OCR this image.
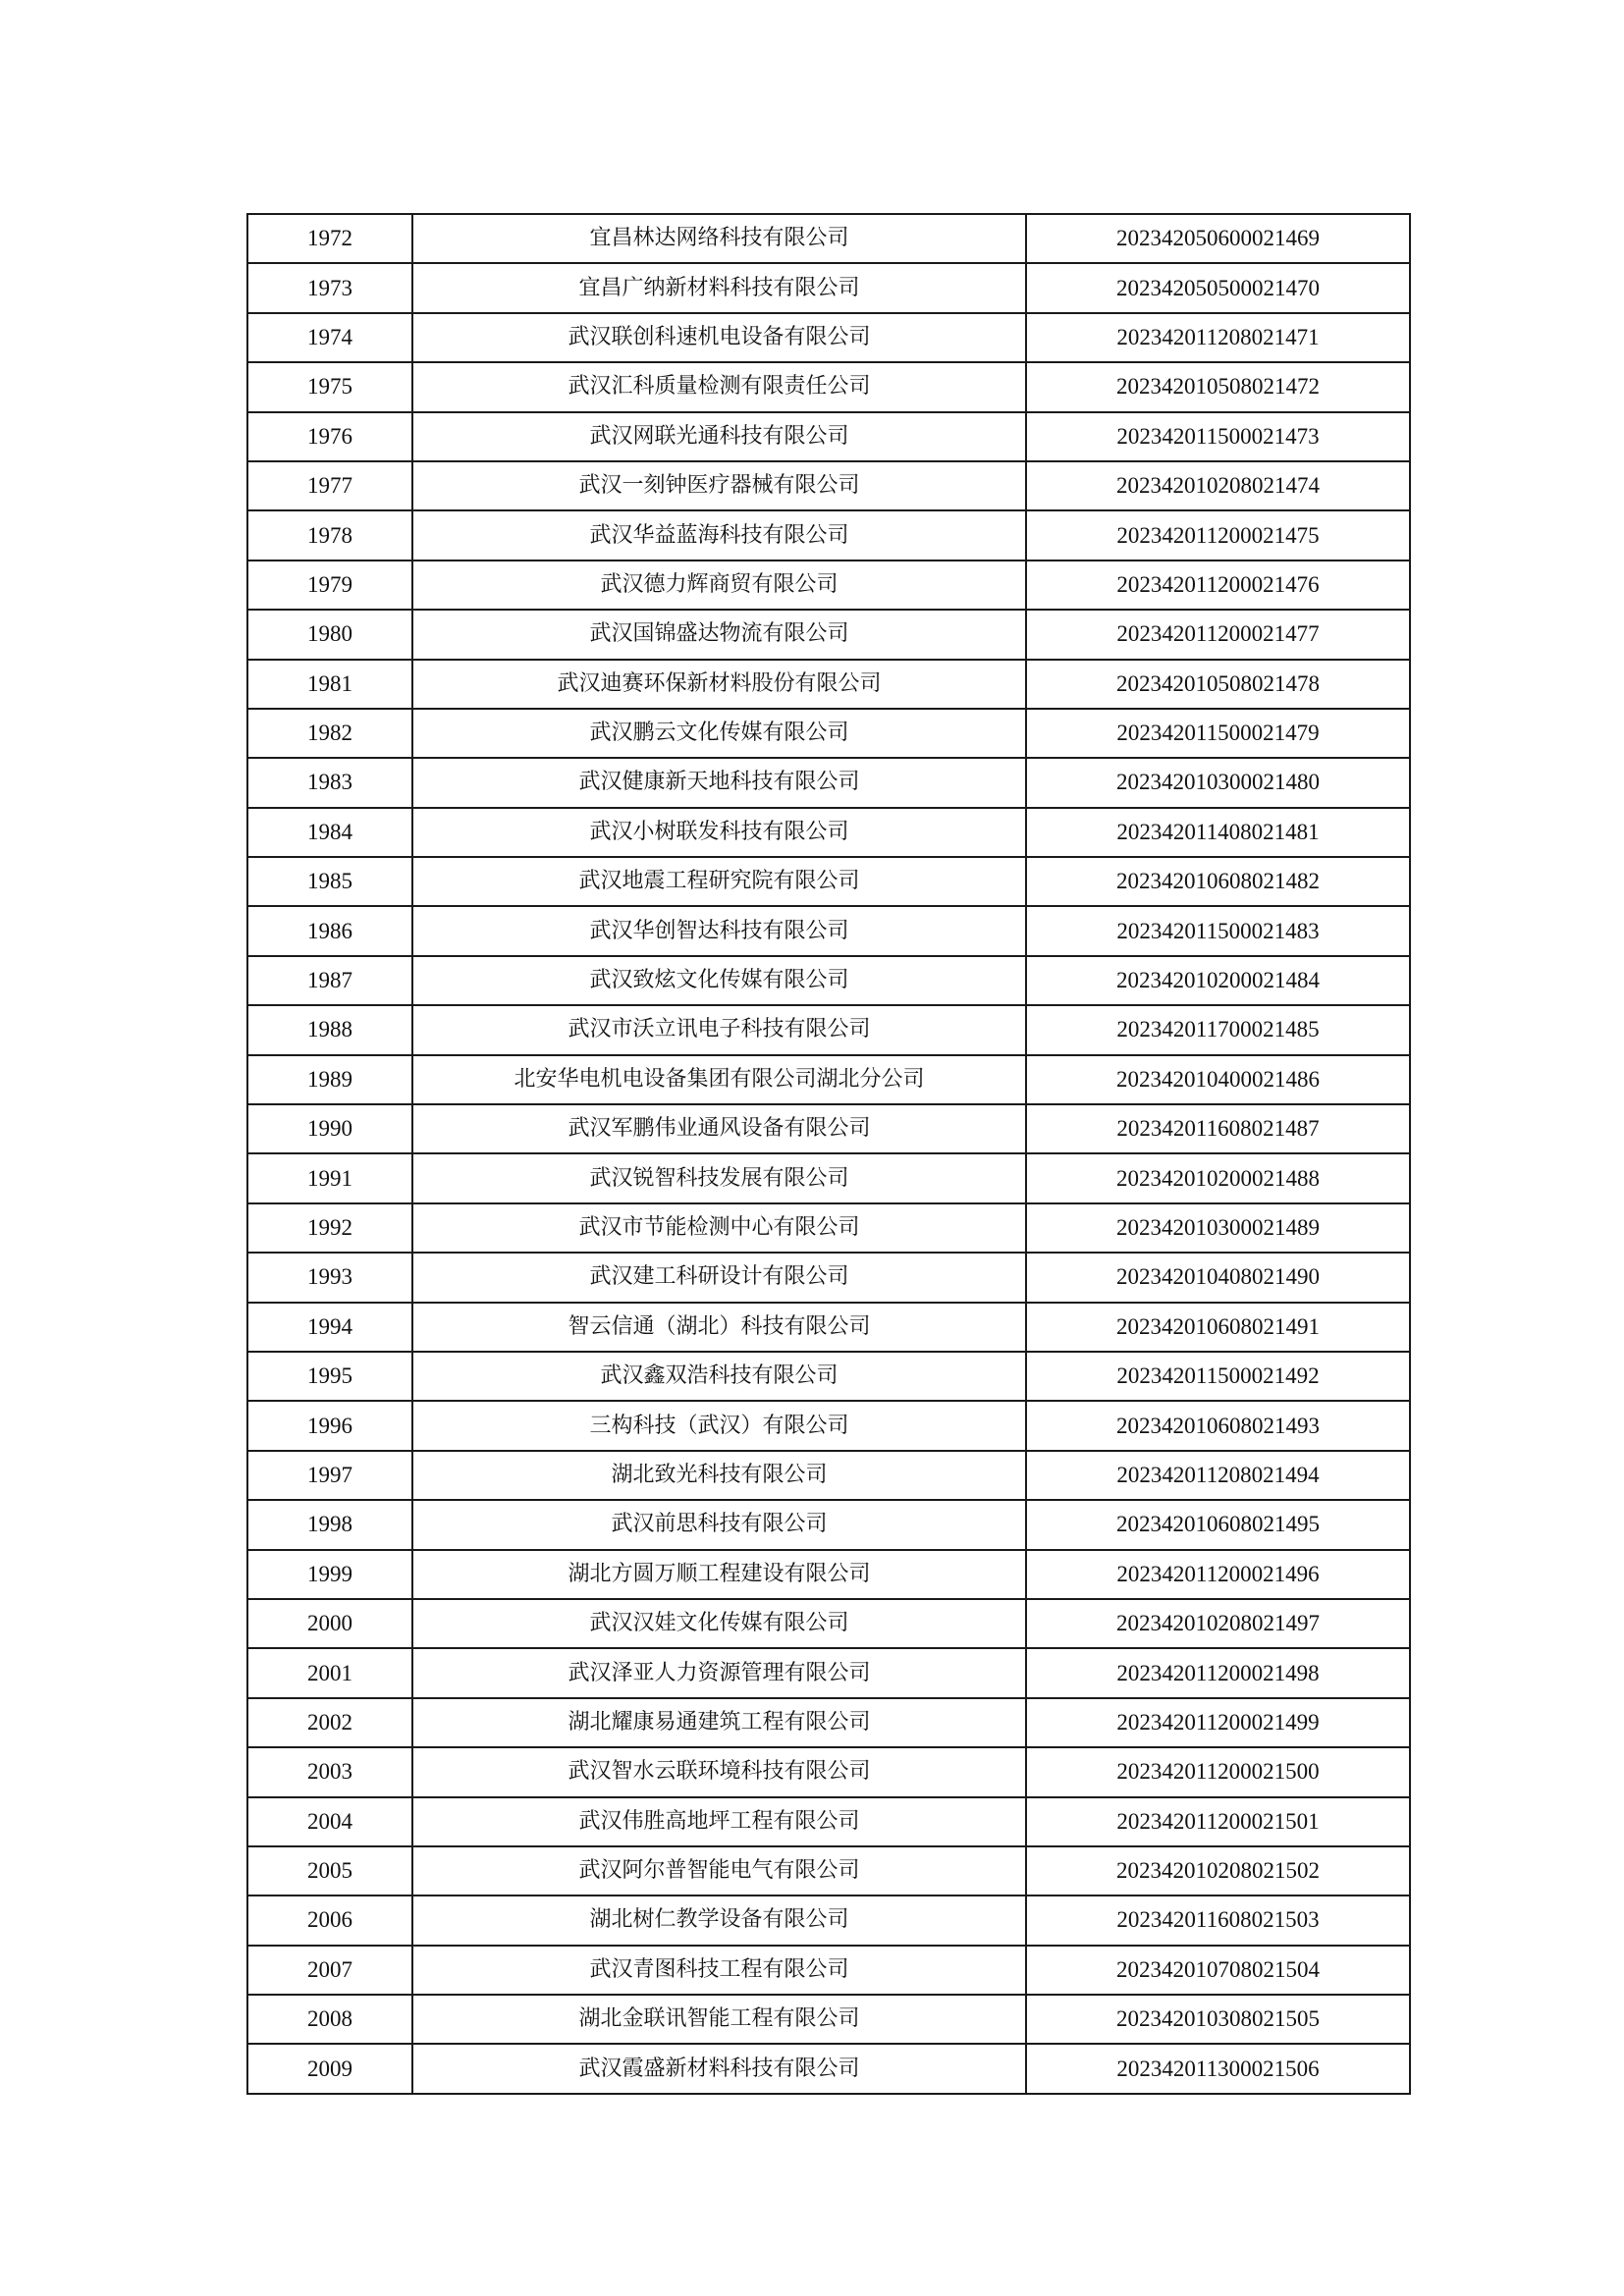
1972	宜昌林达网络科技有限公司	202342050600021469
1973	宜昌广纳新材料科技有限公司	202342050500021470
1974	武汉联创科速机电设备有限公司	202342011208021471
1975	武汉汇科质量检测有限责任公司	202342010508021472
1976	武汉网联光通科技有限公司	202342011500021473
1977	武汉一刻钟医疗器械有限公司	202342010208021474
1978	武汉华益蓝海科技有限公司	202342011200021475
1979	武汉德力辉商贸有限公司	202342011200021476
1980	武汉国锦盛达物流有限公司	202342011200021477
1981	武汉迪赛环保新材料股份有限公司	202342010508021478
1982	武汉鹏云文化传媒有限公司	202342011500021479
1983	武汉健康新天地科技有限公司	202342010300021480
1984	武汉小树联发科技有限公司	202342011408021481
1985	武汉地震工程研究院有限公司	202342010608021482
1986	武汉华创智达科技有限公司	202342011500021483
1987	武汉致炫文化传媒有限公司	202342010200021484
1988	武汉市沃立讯电子科技有限公司	202342011700021485
1989	北安华电机电设备集团有限公司湖北分公司	202342010400021486
1990	武汉军鹏伟业通风设备有限公司	202342011608021487
1991	武汉锐智科技发展有限公司	202342010200021488
1992	武汉市节能检测中心有限公司	202342010300021489
1993	武汉建工科研设计有限公司	202342010408021490
1994	智云信通（湖北）科技有限公司	202342010608021491
1995	武汉鑫双浩科技有限公司	202342011500021492
1996	三构科技（武汉）有限公司	202342010608021493
1997	湖北致光科技有限公司	202342011208021494
1998	武汉前思科技有限公司	202342010608021495
1999	湖北方圆万顺工程建设有限公司	202342011200021496
2000	武汉汉娃文化传媒有限公司	202342010208021497
2001	武汉泽亚人力资源管理有限公司	202342011200021498
2002	湖北耀康易通建筑工程有限公司	202342011200021499
2003	武汉智水云联环境科技有限公司	202342011200021500
2004	武汉伟胜高地坪工程有限公司	202342011200021501
2005	武汉阿尔普智能电气有限公司	202342010208021502
2006	湖北树仁教学设备有限公司	202342011608021503
2007	武汉青图科技工程有限公司	202342010708021504
2008	湖北金联讯智能工程有限公司	202342010308021505
2009	武汉霞盛新材料科技有限公司	202342011300021506
